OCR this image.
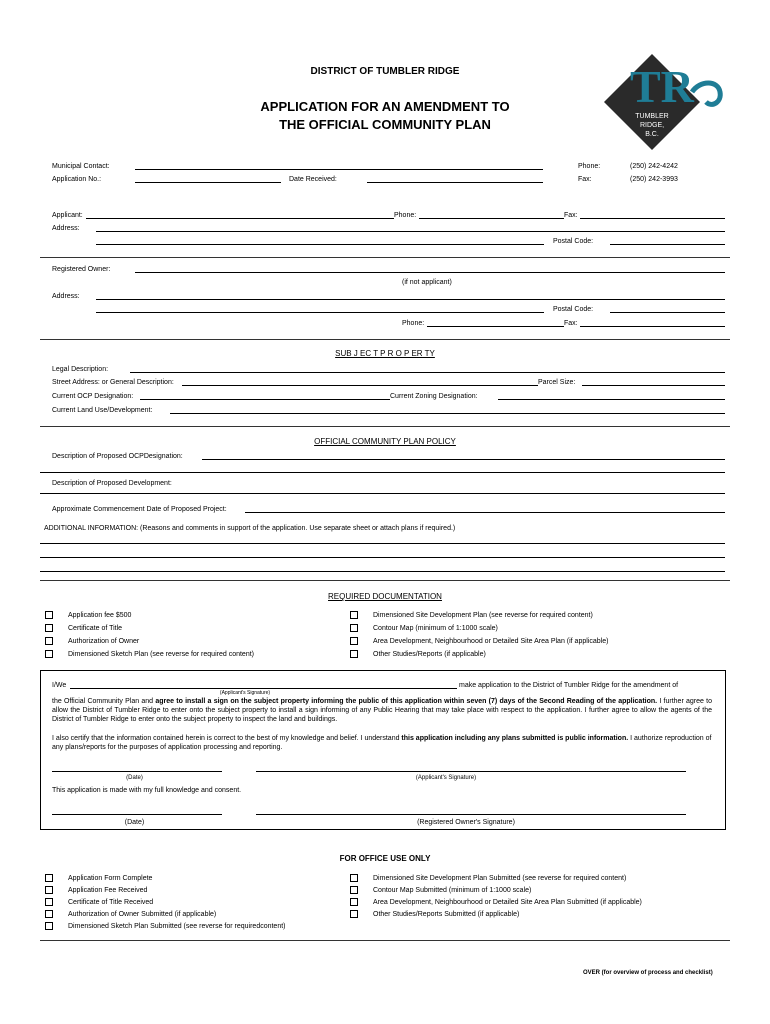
DISTRICT OF TUMBLER RIDGE
APPLICATION FOR AN AMENDMENT TO
THE OFFICIAL COMMUNITY PLAN
TR
TUMBLER
RIDGE,
B.C.
Municipal Contact:	Phone:	(250) 242-4242
Application No.:	Date Received:	Fax:	(250) 242-3993
Applicant:	Phone:	Fax:
Address:
Postal Code:
Registered Owner:
(if not applicant)
Address:
Postal Code:
Phone:	Fax:
SUB J EC T P R O P ER TY
Legal Description:
Street Address: or General Description:	Parcel Size:
Current OCP Designation:	Current Zoning Designation:
Current Land Use/Development:
OFFICIAL COMMUNITY PLAN POLICY
Description of Proposed OCPDesignation:
Description of Proposed Development:
Approximate Commencement Date of Proposed Project:
ADDITIONAL INFORMATION: (Reasons and comments in support of the application. Use separate sheet or attach plans if required.)
REQUIRED DOCUMENTATION
Application fee $500
Certificate of Title
Authorization of Owner
Dimensioned Sketch Plan (see reverse for required content)
Dimensioned Site Development Plan (see reverse for required content)
Contour Map (minimum of 1:1000 scale)
Area Development, Neighbourhood or Detailed Site Area Plan (if applicable)
Other Studies/Reports (if applicable)
I/We	make application to the District of Tumbler Ridge for the amendment of
(Applicant's Signature)
the Official Community Plan and agree to install a sign on the subject property informing the public of this application within seven (7) days of the Second Reading of the application. I further agree to allow the District of Tumbler Ridge to enter onto the subject property to install a sign informing of any Public Hearing that may take place with respect to the application. I further agree to allow the agents of the District of Tumbler Ridge to enter onto the subject property to inspect the land and buildings.
I also certify that the information contained herein is correct to the best of my knowledge and belief. I understand this application including any plans submitted is public information. I authorize reproduction of any plans/reports for the purposes of application processing and reporting.
(Date)	(Applicant's Signature)
This application is made with my full knowledge and consent.
(Date)	(Registered Owner's Signature)
FOR OFFICE USE ONLY
Application Form Complete
Application Fee Received
Certificate of Title Received
Authorization of Owner Submitted (if applicable)
Dimensioned Sketch Plan Submitted (see reverse for requiredcontent)
Dimensioned Site Development Plan Submitted (see reverse for required content)
Contour Map Submitted (minimum of 1:1000 scale)
Area Development, Neighbourhood or Detailed Site Area Plan Submitted (if applicable)
Other Studies/Reports Submitted (if applicable)
OVER (for overview of process and checklist)
